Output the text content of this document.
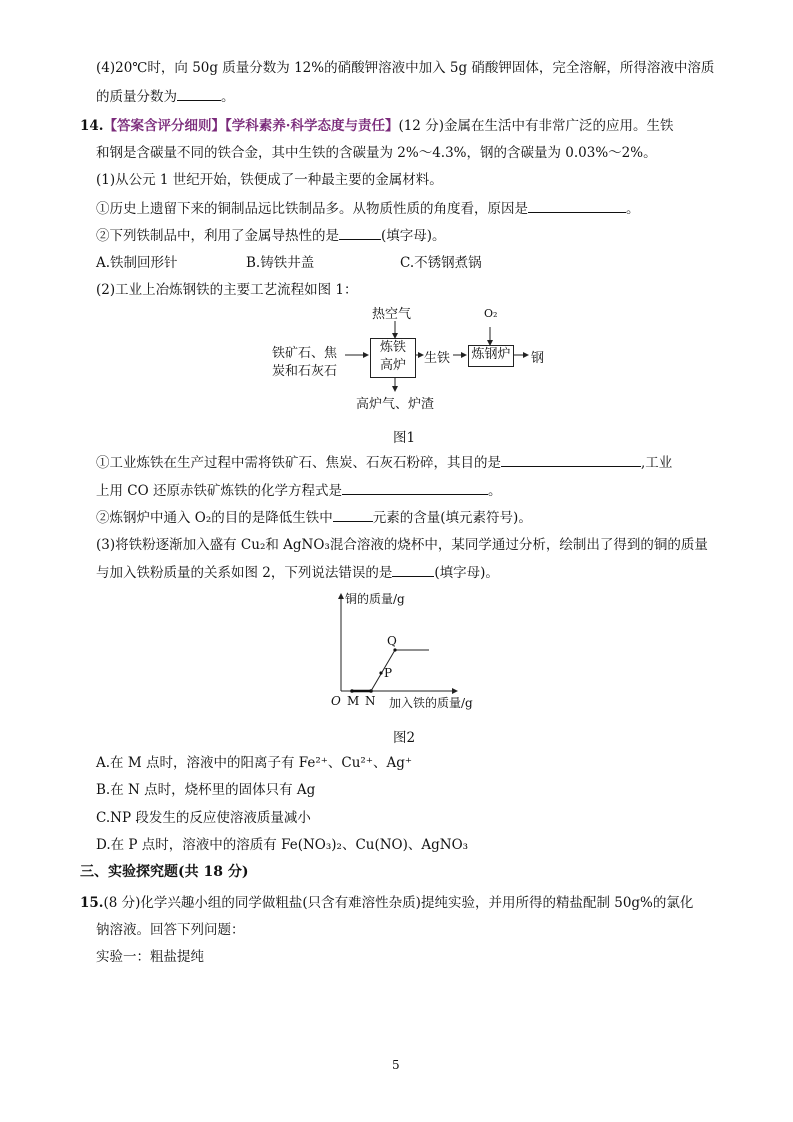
(4)20℃时，向 50g 质量分数为 12%的硝酸钾溶液中加入 5g 硝酸钾固体，完全溶解，所得溶液中溶质
的质量分数为	。
14.【答案含评分细则】【学科素养·科学态度与责任】(12 分)金属在生活中有非常广泛的应用。生铁
和钢是含碳量不同的铁合金，其中生铁的含碳量为 2%～4.3%，钢的含碳量为 0.03%～2%。
(1)从公元 1 世纪开始，铁便成了一种最主要的金属材料。
①历史上遗留下来的铜制品远比铁制品多。从物质性质的角度看，原因是	。
②下列铁制品中，利用了金属导热性的是	(填字母)。
A.铁制回形针	B.铸铁井盖	C.不锈钢煮锅
(2)工业上冶炼钢铁的主要工艺流程如图 1：
热空气	O₂
铁矿石、焦
炭和石灰石
炼铁
高炉	生铁 炼钢炉 钢
高炉气、炉渣
图1
①工业炼铁在生产过程中需将铁矿石、焦炭、石灰石粉碎，其目的是	,工业
上用 CO 还原赤铁矿炼铁的化学方程式是	。
②炼钢炉中通入 O₂的目的是降低生铁中	元素的含量(填元素符号)。
(3)将铁粉逐渐加入盛有 Cu₂和 AgNO₃混合溶液的烧杯中，某同学通过分析，绘制出了得到的铜的质量
与加入铁粉质量的关系如图 2，下列说法错误的是	(填字母)。
铜的质量/g
O M N
P
Q
加入铁的质量/g
图2
A.在 M 点时，溶液中的阳离子有 Fe²⁺、Cu²⁺、Ag⁺
B.在 N 点时，烧杯里的固体只有 Ag
C.NP 段发生的反应使溶液质量减小
D.在 P 点时，溶液中的溶质有 Fe(NO₃)₂、Cu(NO)、AgNO₃
三、实验探究题(共 18 分)
15.(8 分)化学兴趣小组的同学做粗盐(只含有难溶性杂质)提纯实验，并用所得的精盐配制 50g%的氯化
钠溶液。回答下列问题：
实验一：粗盐提纯
5
